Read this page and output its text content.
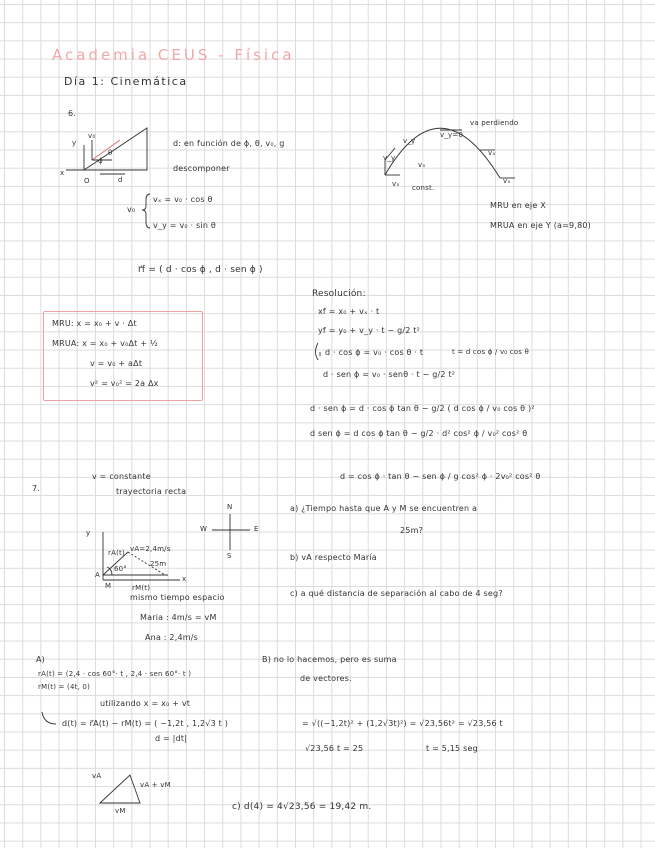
Academia CEUS - Física
Día 1: Cinemática
6.
v₀
y
θ
ϕ
x
O	d
d: en función de ϕ, θ, v₀, g
descomponer
v₀
vₓ = v₀ · cos θ
v_y = v₀ · sin θ
r⃗f = ( d · cos ϕ , d · sen ϕ )
va perdiendo
v_y=0
v_y
v_y
vₓ
vₓ
vₓ
vₓ const.
MRU en eje X
MRUA en eje Y (a=9,80)
MRU: x = x₀ + v · Δt
MRUA: x = x₀ + v₀Δt + ½
v = v₀ + aΔt
v² = v₀² = 2a Δx
Resolución:
xf = x₀ + vₓ · t
yf = y₀ + v_y · t − g/2 t²
d · cos ϕ = v₀ · cos θ · t	t = d cos ϕ / v₀ cos θ
d · sen ϕ = v₀ · senθ · t − g/2 t²
d · sen ϕ = d · cos ϕ tan θ − g/2 ( d cos ϕ / v₀ cos θ )²
d sen ϕ = d cos ϕ tan θ − g/2 · d² cos² ϕ / v₀² cos² θ
d = cos ϕ · tan θ − sen ϕ / g cos² ϕ · 2v₀² cos² θ
7.
v = constante
trayectoria recta
N
S
E
W
a) ¿Tiempo hasta que A y M se encuentren a
25m?
b) vA respecto María
c) a qué distancia de separación al cabo de 4 seg?
y
x
vA=2,4m/s
60°
25m
A
M
rA(t)
rM(t)
mismo tiempo espacio
Maria : 4m/s = vM
Ana : 2,4m/s
A)
rA(t) = (2,4 · cos 60°· t , 2,4 · sen 60°· t )
rM(t) = (4t, 0)
utilizando x = x₀ + vt
d(t) = r⃗A(t) − rM(t) = ( −1,2t , 1,2√3 t )	= √((−1,2t)² + (1,2√3t)²) = √23,56t² = √23,56 t
d = |dt|
√23,56 t = 25	t = 5,15 seg
B) no lo hacemos, pero es suma
de vectores.
vA
vA + vM
vM	c) d(4) = 4√23,56 = 19,42 m.
